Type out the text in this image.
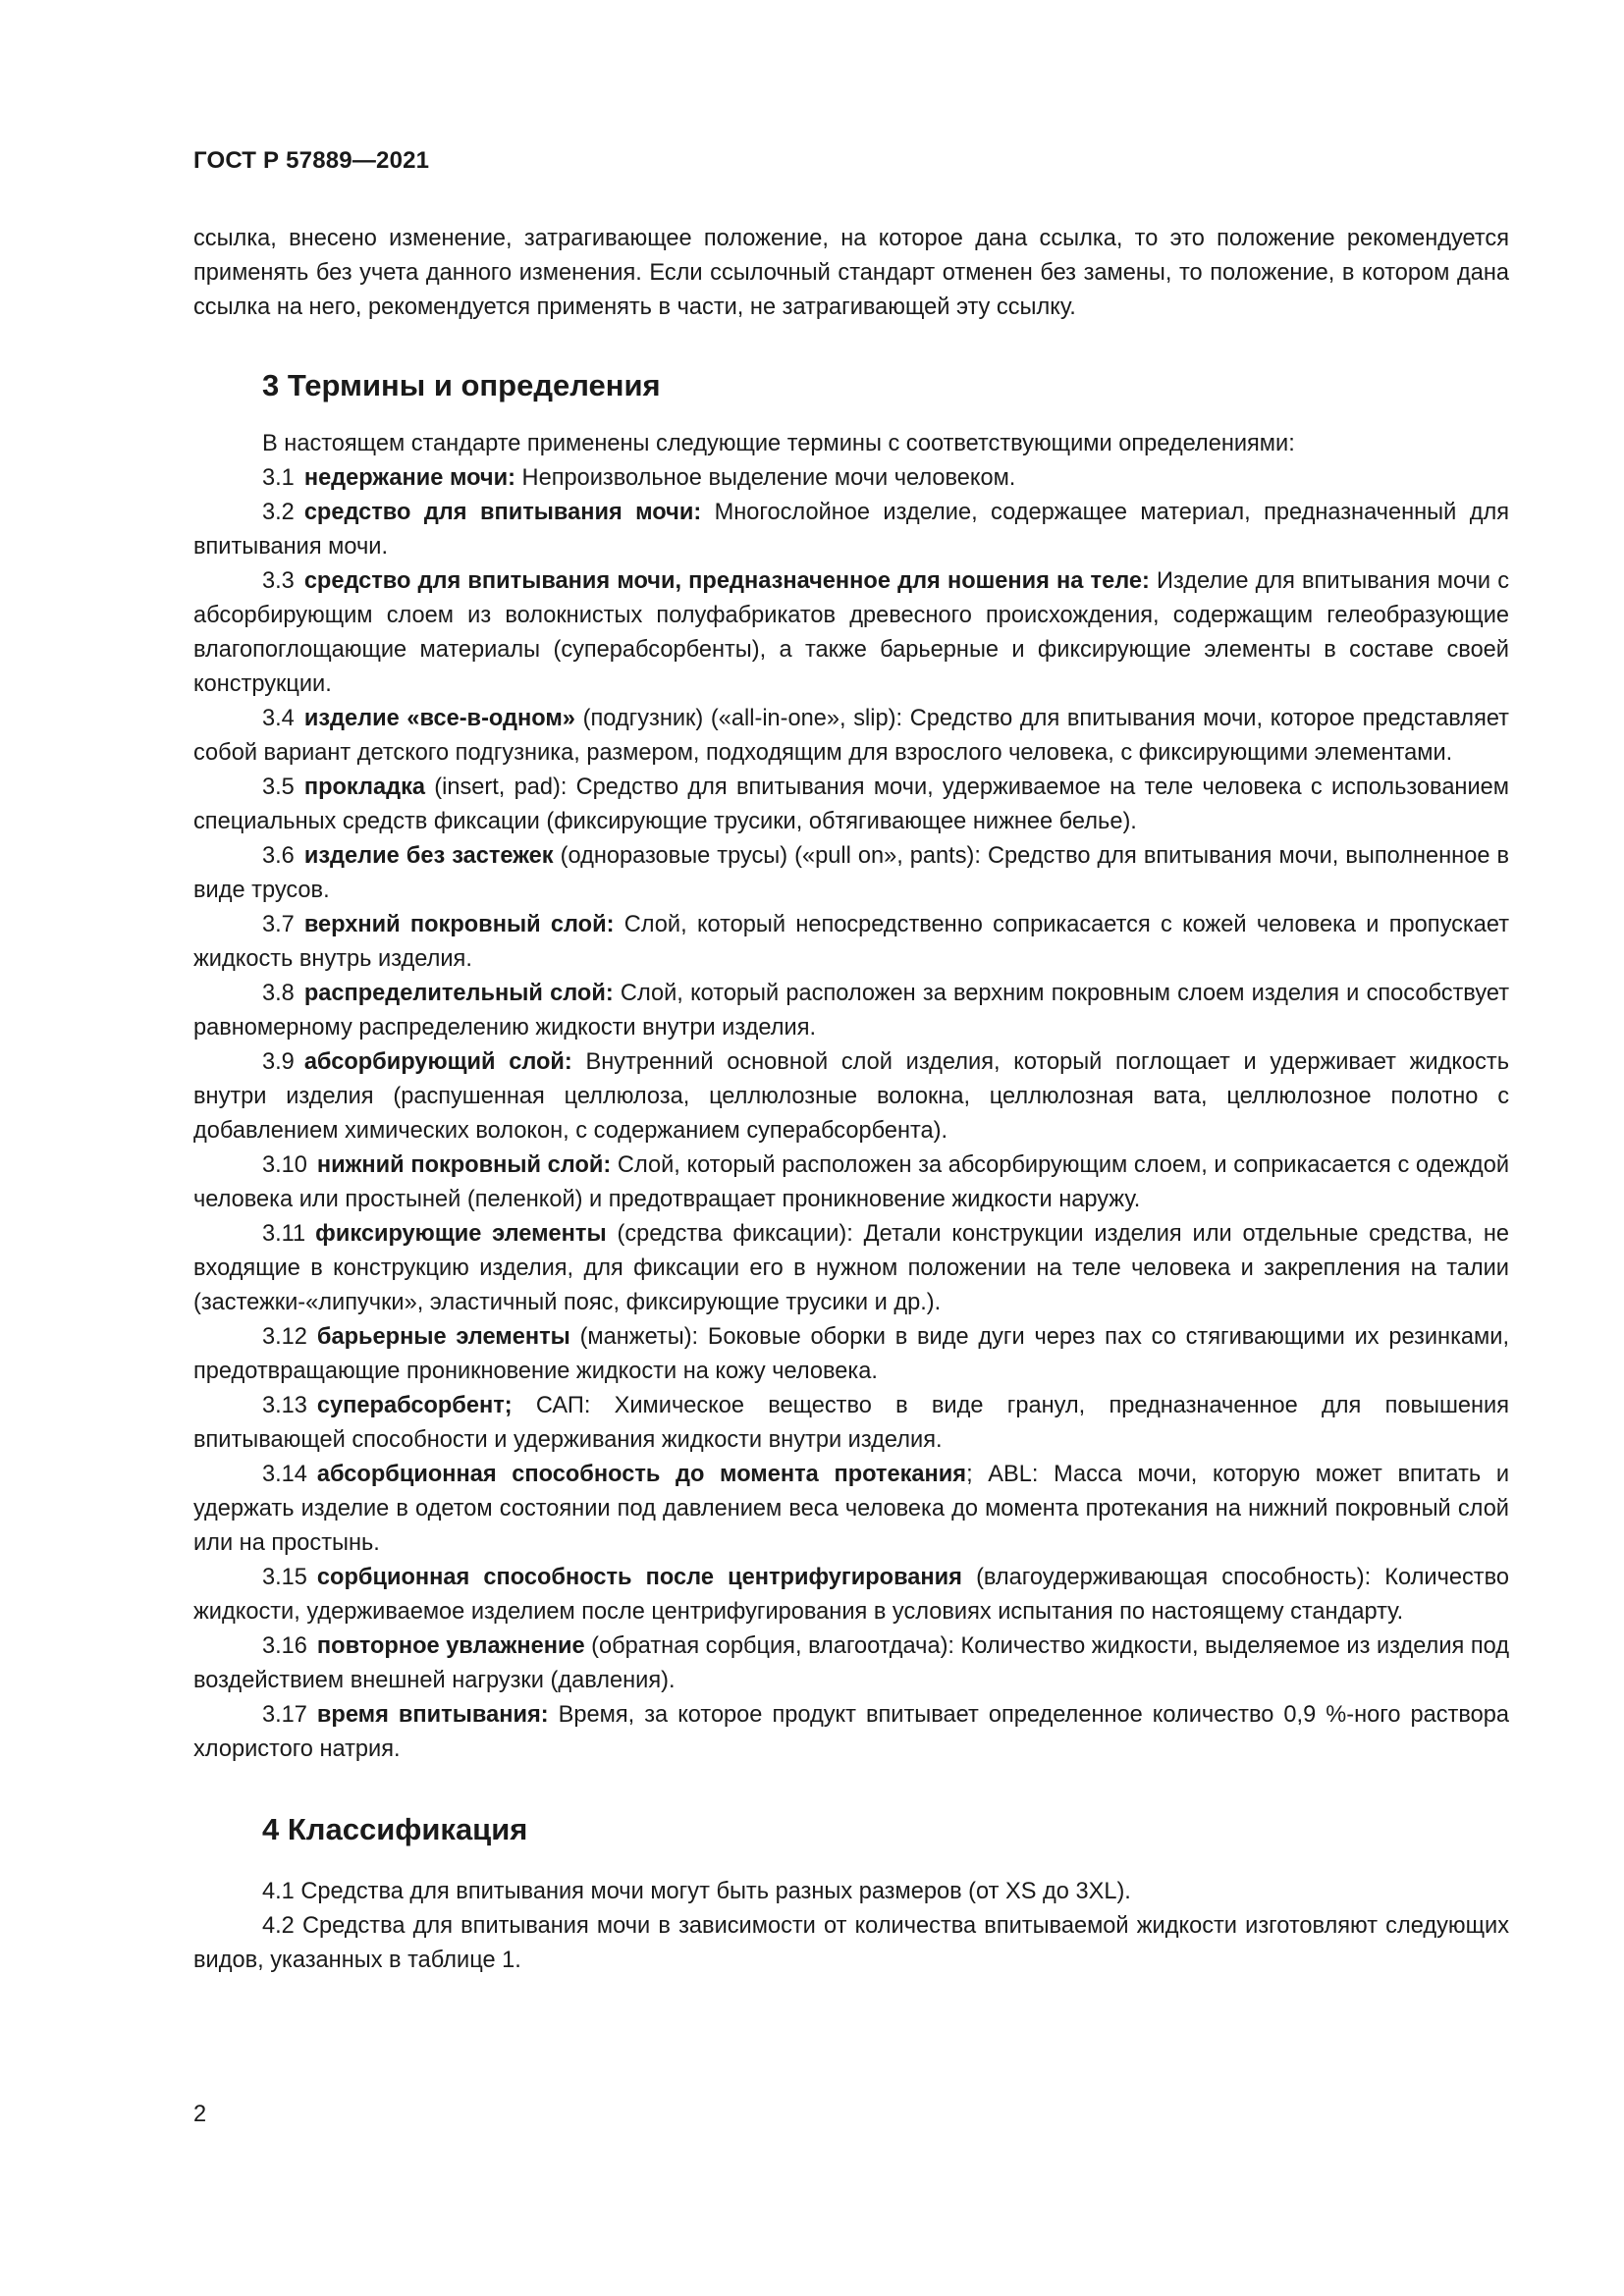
ГОСТ Р 57889—2021

ссылка, внесено изменение, затрагивающее положение, на которое дана ссылка, то это положение рекомендуется применять без учета данного изменения. Если ссылочный стандарт отменен без замены, то положение, в котором дана ссылка на него, рекомендуется применять в части, не затрагивающей эту ссылку.

3 Термины и определения

В настоящем стандарте применены следующие термины с соответствующими определениями:

3.1 недержание мочи: Непроизвольное выделение мочи человеком.

3.2 средство для впитывания мочи: Многослойное изделие, содержащее материал, предназначенный для впитывания мочи.

3.3 средство для впитывания мочи, предназначенное для ношения на теле: Изделие для впитывания мочи с абсорбирующим слоем из волокнистых полуфабрикатов древесного происхождения, содержащим гелеобразующие влагопоглощающие материалы (суперабсорбенты), а также барьерные и фиксирующие элементы в составе своей конструкции.

3.4 изделие «все-в-одном» (подгузник) («all-in-one», slip): Средство для впитывания мочи, которое представляет собой вариант детского подгузника, размером, подходящим для взрослого человека, с фиксирующими элементами.

3.5 прокладка (insert, pad): Средство для впитывания мочи, удерживаемое на теле человека с использованием специальных средств фиксации (фиксирующие трусики, обтягивающее нижнее белье).

3.6 изделие без застежек (одноразовые трусы) («pull on», pants): Средство для впитывания мочи, выполненное в виде трусов.

3.7 верхний покровный слой: Слой, который непосредственно соприкасается с кожей человека и пропускает жидкость внутрь изделия.

3.8 распределительный слой: Слой, который расположен за верхним покровным слоем изделия и способствует равномерному распределению жидкости внутри изделия.

3.9 абсорбирующий слой: Внутренний основной слой изделия, который поглощает и удерживает жидкость внутри изделия (распушенная целлюлоза, целлюлозные волокна, целлюлозная вата, целлюлозное полотно с добавлением химических волокон, с содержанием суперабсорбента).

3.10 нижний покровный слой: Слой, который расположен за абсорбирующим слоем, и соприкасается с одеждой человека или простыней (пеленкой) и предотвращает проникновение жидкости наружу.

3.11 фиксирующие элементы (средства фиксации): Детали конструкции изделия или отдельные средства, не входящие в конструкцию изделия, для фиксации его в нужном положении на теле человека и закрепления на талии (застежки-«липучки», эластичный пояс, фиксирующие трусики и др.).

3.12 барьерные элементы (манжеты): Боковые оборки в виде дуги через пах со стягивающими их резинками, предотвращающие проникновение жидкости на кожу человека.

3.13 суперабсорбент; САП: Химическое вещество в виде гранул, предназначенное для повышения впитывающей способности и удерживания жидкости внутри изделия.

3.14 абсорбционная способность до момента протекания; ABL: Масса мочи, которую может впитать и удержать изделие в одетом состоянии под давлением веса человека до момента протекания на нижний покровный слой или на простынь.

3.15 сорбционная способность после центрифугирования (влагоудерживающая способность): Количество жидкости, удерживаемое изделием после центрифугирования в условиях испытания по настоящему стандарту.

3.16 повторное увлажнение (обратная сорбция, влагоотдача): Количество жидкости, выделяемое из изделия под воздействием внешней нагрузки (давления).

3.17 время впитывания: Время, за которое продукт впитывает определенное количество 0,9 %-ного раствора хлористого натрия.

4 Классификация

4.1 Средства для впитывания мочи могут быть разных размеров (от XS до 3XL).

4.2 Средства для впитывания мочи в зависимости от количества впитываемой жидкости изготовляют следующих видов, указанных в таблице 1.

2
